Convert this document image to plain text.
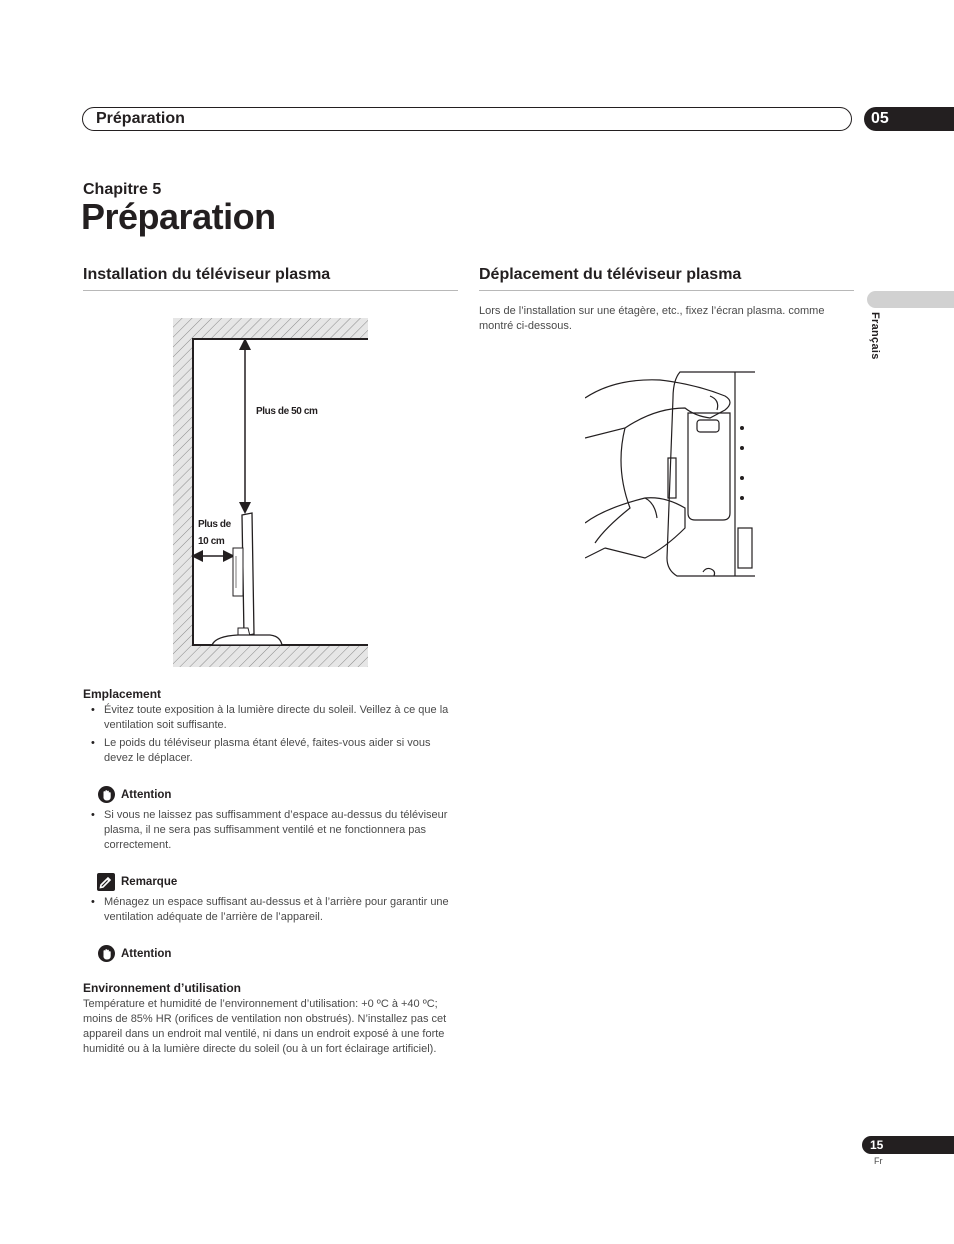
Préparation	05
Chapitre 5
Préparation
Français
Installation du téléviseur plasma
Plus de 50 cm
Plus de
10 cm
Emplacement
• Évitez toute exposition à la lumière directe du soleil. Veillez à ce que la ventilation soit suffisante.
• Le poids du téléviseur plasma étant élevé, faites-vous aider si vous devez le déplacer.
Attention
• Si vous ne laissez pas suffisamment d’espace au-dessus du téléviseur plasma, il ne sera pas suffisamment ventilé et ne fonctionnera pas correctement.
Remarque
• Ménagez un espace suffisant au-dessus et à l’arrière pour garantir une ventilation adéquate de l’arrière de l’appareil.
Attention
Environnement d’utilisation
Température et humidité de l’environnement d’utilisation: +0 ºC à +40 ºC; moins de 85% HR (orifices de ventilation non obstrués). N’installez pas cet appareil dans un endroit mal ventilé, ni dans un endroit exposé à une forte humidité ou à la lumière directe du soleil (ou à un fort éclairage artificiel).
Déplacement du téléviseur plasma
Lors de l’installation sur une étagère, etc., fixez l’écran plasma. comme montré ci-dessous.
15
Fr
